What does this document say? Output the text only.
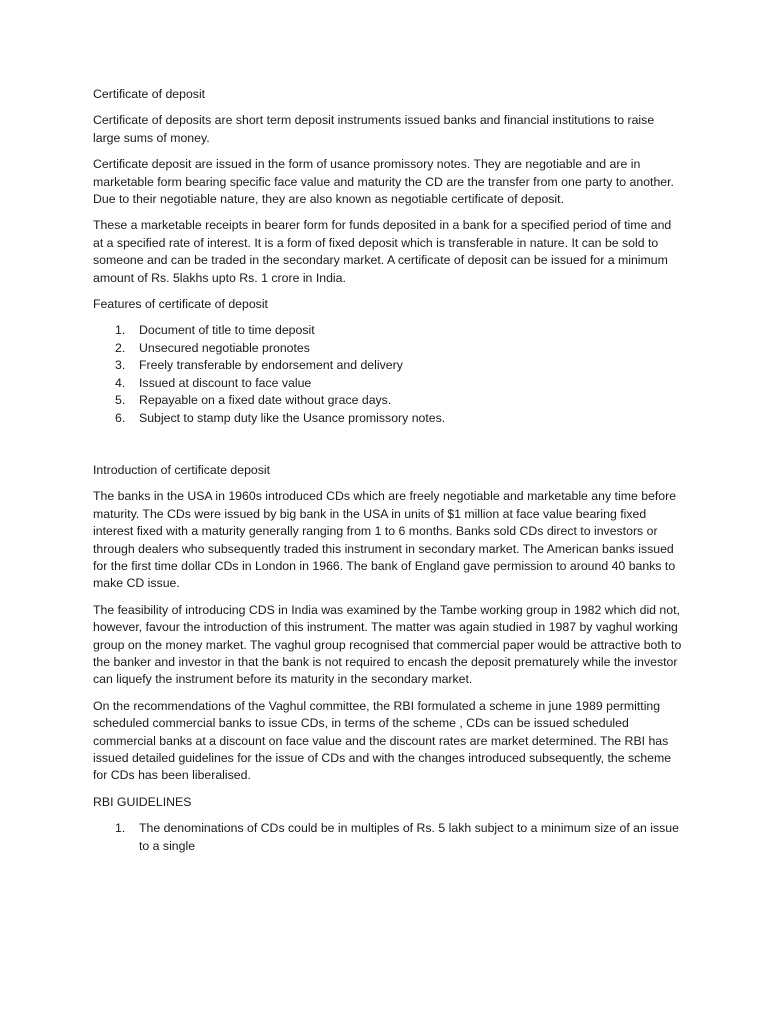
Certificate of deposit

Certificate of deposits are short term deposit instruments issued banks and financial institutions to raise large sums of money.

Certificate deposit are issued in the form of usance promissory notes. They are negotiable and are in marketable form bearing specific face value and maturity the CD are the transfer from one party to another. Due to their negotiable nature, they are also known as negotiable certificate of deposit.

These a marketable receipts in bearer form for funds deposited in a bank for a specified period of time and at a specified rate of interest. It is a form of fixed deposit which is transferable in nature. It can be sold to someone and can be traded in the secondary market. A certificate of deposit can be issued for a minimum amount of Rs. 5lakhs upto Rs. 1 crore in India.

Features of certificate of deposit
1. Document of title to time deposit
2. Unsecured negotiable pronotes
3. Freely transferable by endorsement and delivery
4. Issued at discount to face value
5. Repayable on a fixed date without grace days.
6. Subject to stamp duty like the Usance promissory notes.
Introduction of certificate deposit

The banks in the USA in 1960s introduced CDs which are freely negotiable and marketable any time before maturity. The CDs were issued by big bank in the USA in units of $1 million at face value bearing fixed interest fixed with a maturity generally ranging from 1 to 6 months. Banks sold CDs direct to investors or through dealers who subsequently traded this instrument in secondary market. The American banks issued for the first time dollar CDs in London in 1966. The bank of England gave permission to around 40 banks to make CD issue.

The feasibility of introducing CDS in India was examined by the Tambe working group in 1982 which did not, however, favour the introduction of this instrument. The matter was again studied in 1987 by vaghul working group on the money market. The vaghul group recognised that commercial paper would be attractive both to the banker and investor in that the bank is not required to encash the deposit prematurely while the investor can liquefy the instrument before its maturity in the secondary market.

On the recommendations of the Vaghul committee, the RBI formulated a scheme in june 1989 permitting scheduled commercial banks to issue CDs, in terms of the scheme , CDs can be issued scheduled commercial banks at a discount on face value and the discount rates are market determined. The RBI has issued detailed guidelines for the issue of CDs and with the changes introduced subsequently, the scheme for CDs has been liberalised.

RBI GUIDELINES
1. The denominations of CDs could be in multiples of Rs. 5 lakh subject to a minimum size of an issue to a single
